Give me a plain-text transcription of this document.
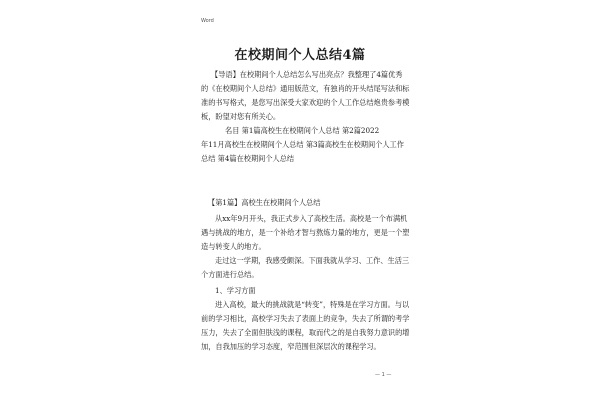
Word
在校期间个人总结4篇
【导语】在校期间个人总结怎么写出亮点？我整理了4篇优秀
的《在校期间个人总结》通用版范文，有独肖的开头结尾写法和标
准的书写格式，是您写出深受大家欢迎的个人工作总结炮贵参考模
板，盼望对您有所关心。
名目 第1篇高校生在校期间个人总结 第2篇2022
年11月高校生在校期间个人总结 第3篇高校生在校期间个人工作
总结 第4篇在校期间个人总结
【第1篇】高校生在校期间个人总结
从xx年9月开头，我正式步入了高校生活。高校是一个布满机
遇与挑战的地方，是一个补给才智与熬炼力量的地方，更是一个塑
造与转变人的地方。
走过这一学期，我感受颇深。下面我就从学习、工作、生活三
个方面进行总结。
1、学习方面
进入高校，最大的挑战就是“转变”，特殊是在学习方面。与以
前的学习相比，高校学习失去了表面上的竞争，失去了所谓的考学
压力，失去了全面但肤浅的课程，取而代之的是自我努力意识的增
加，自我加压的学习态度，窄范围但深层次的课程学习。
— 1 —
